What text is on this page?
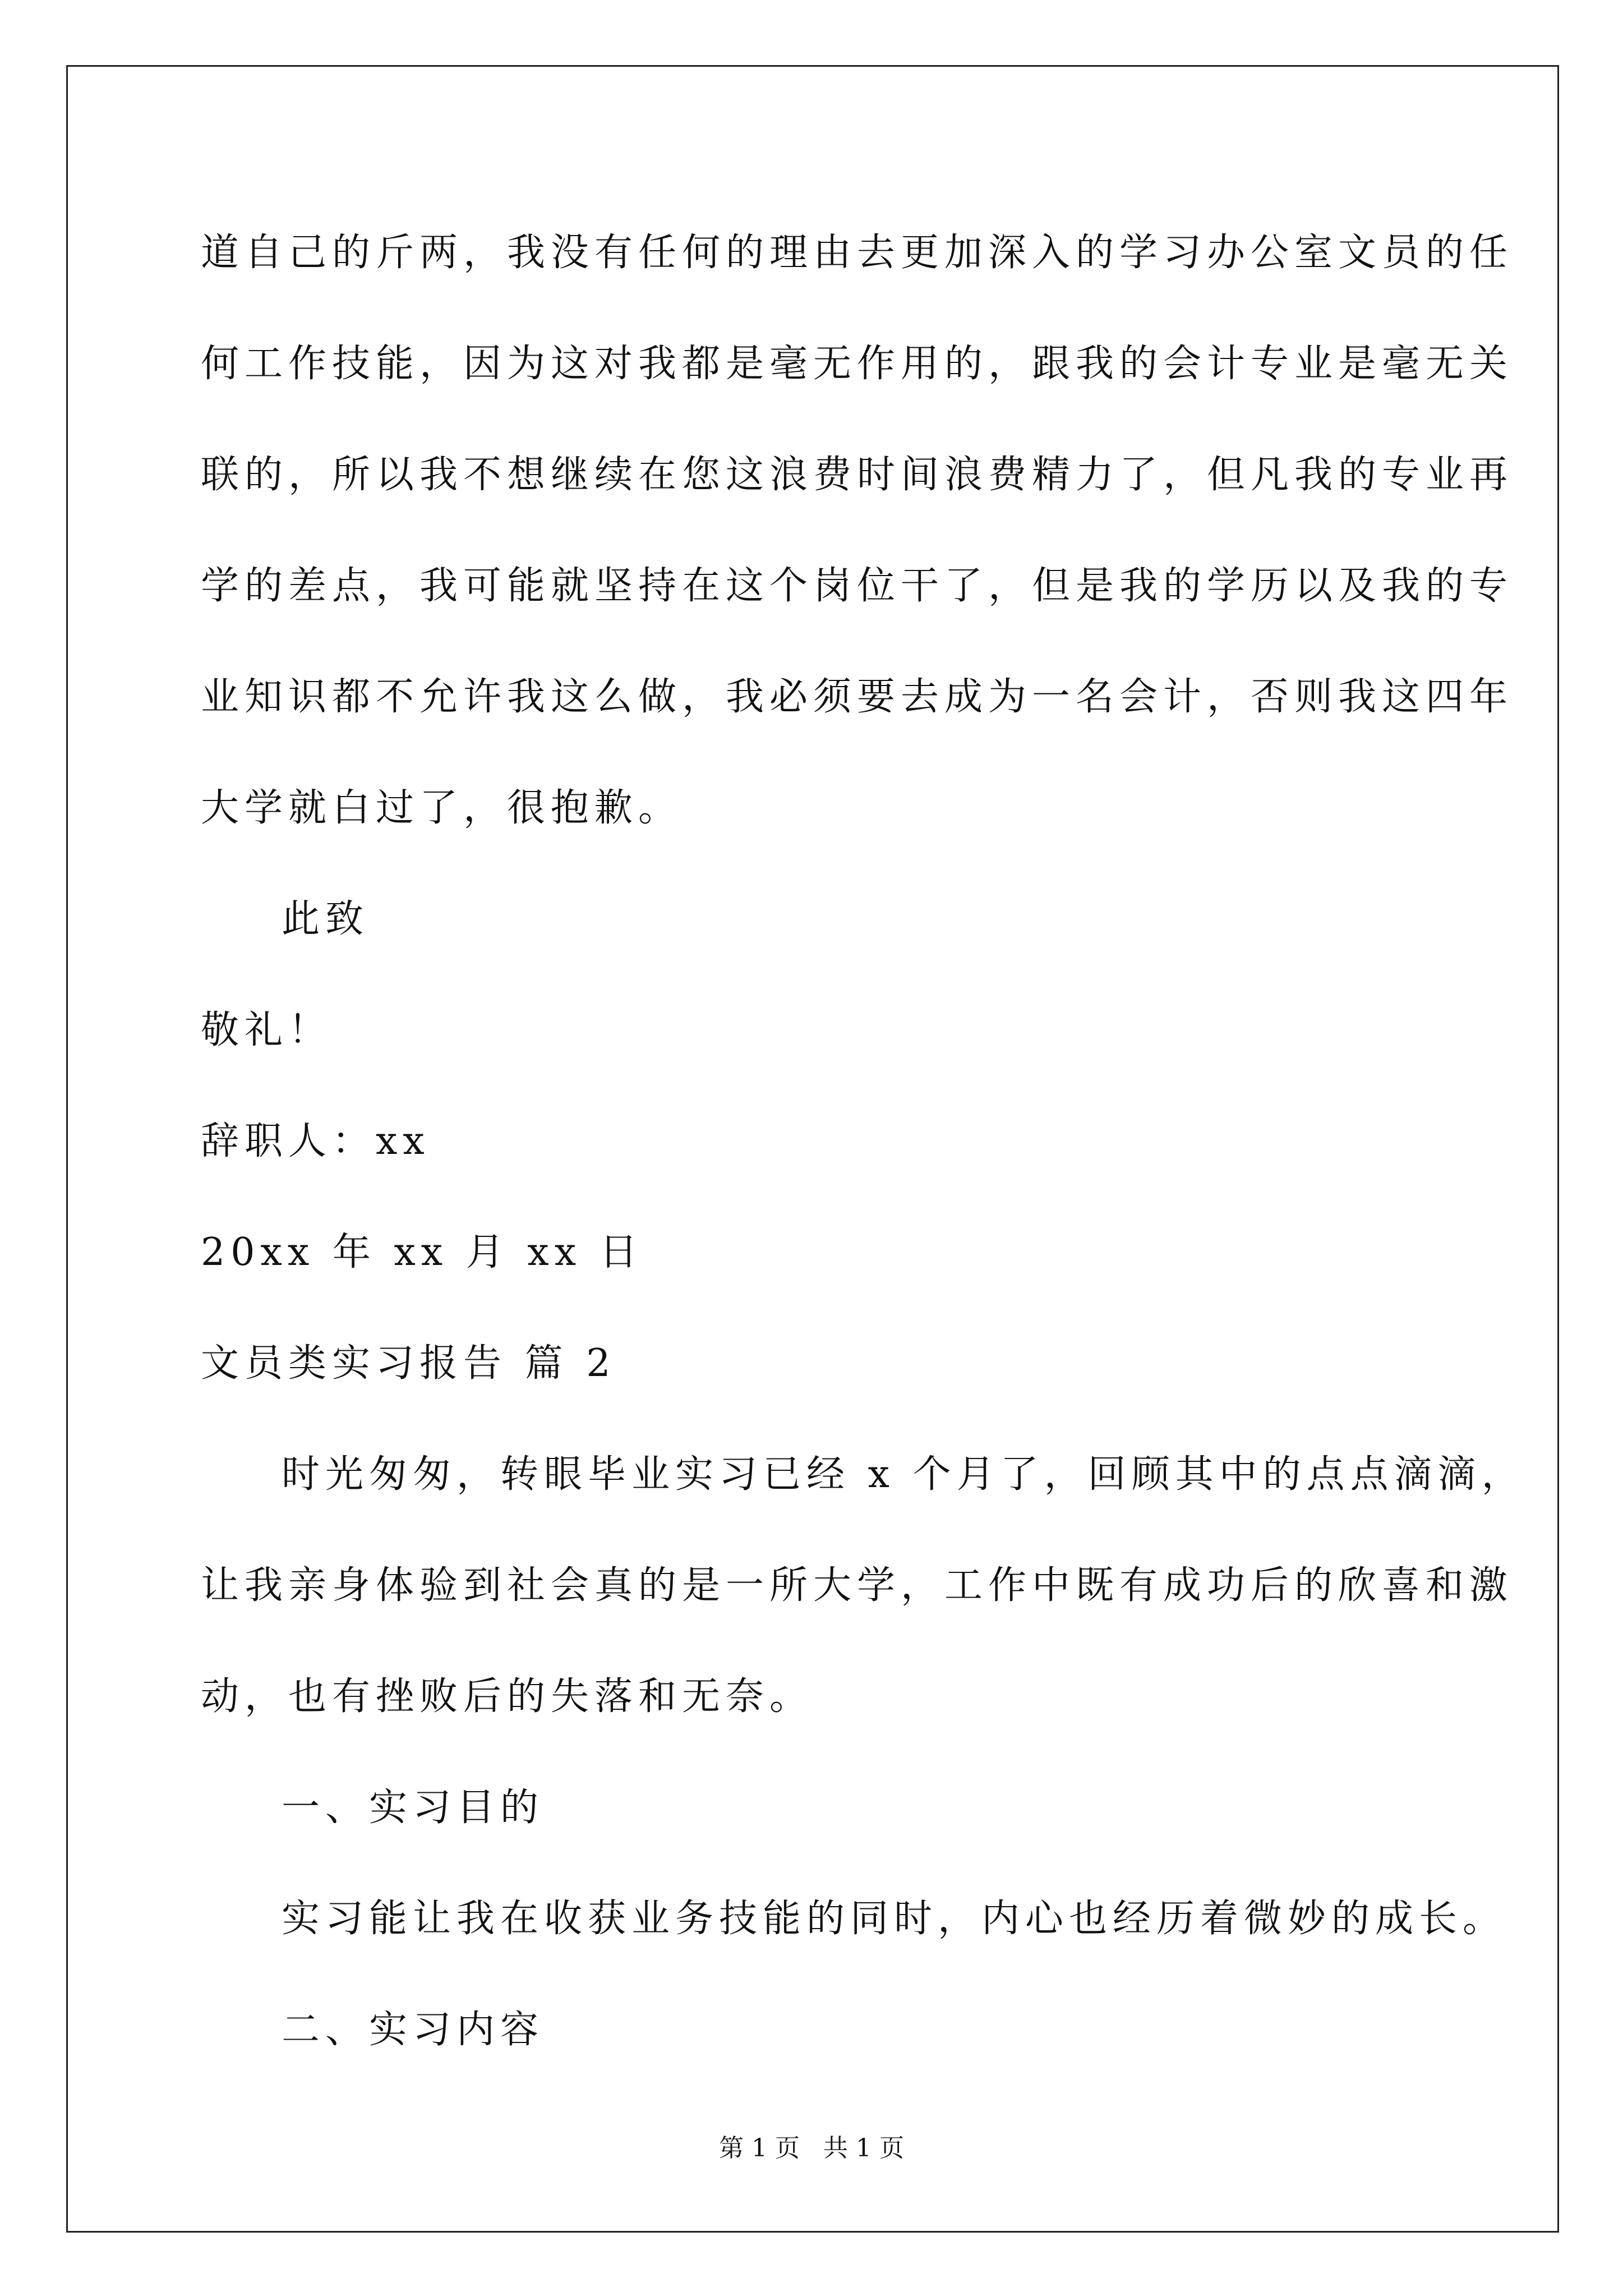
道自己的斤两，我没有任何的理由去更加深入的学习办公室文员的任

何工作技能，因为这对我都是毫无作用的，跟我的会计专业是毫无关

联的，所以我不想继续在您这浪费时间浪费精力了，但凡我的专业再

学的差点，我可能就坚持在这个岗位干了，但是我的学历以及我的专

业知识都不允许我这么做，我必须要去成为一名会计，否则我这四年

大学就白过了，很抱歉。

此致

敬礼！

辞职人：xx

20xx 年 xx 月 xx 日

文员类实习报告 篇 2

时光匆匆，转眼毕业实习已经 x 个月了，回顾其中的点点滴滴，

让我亲身体验到社会真的是一所大学，工作中既有成功后的欣喜和激

动，也有挫败后的失落和无奈。

一、实习目的

实习能让我在收获业务技能的同时，内心也经历着微妙的成长。

二、实习内容

第 1 页 共 1 页
